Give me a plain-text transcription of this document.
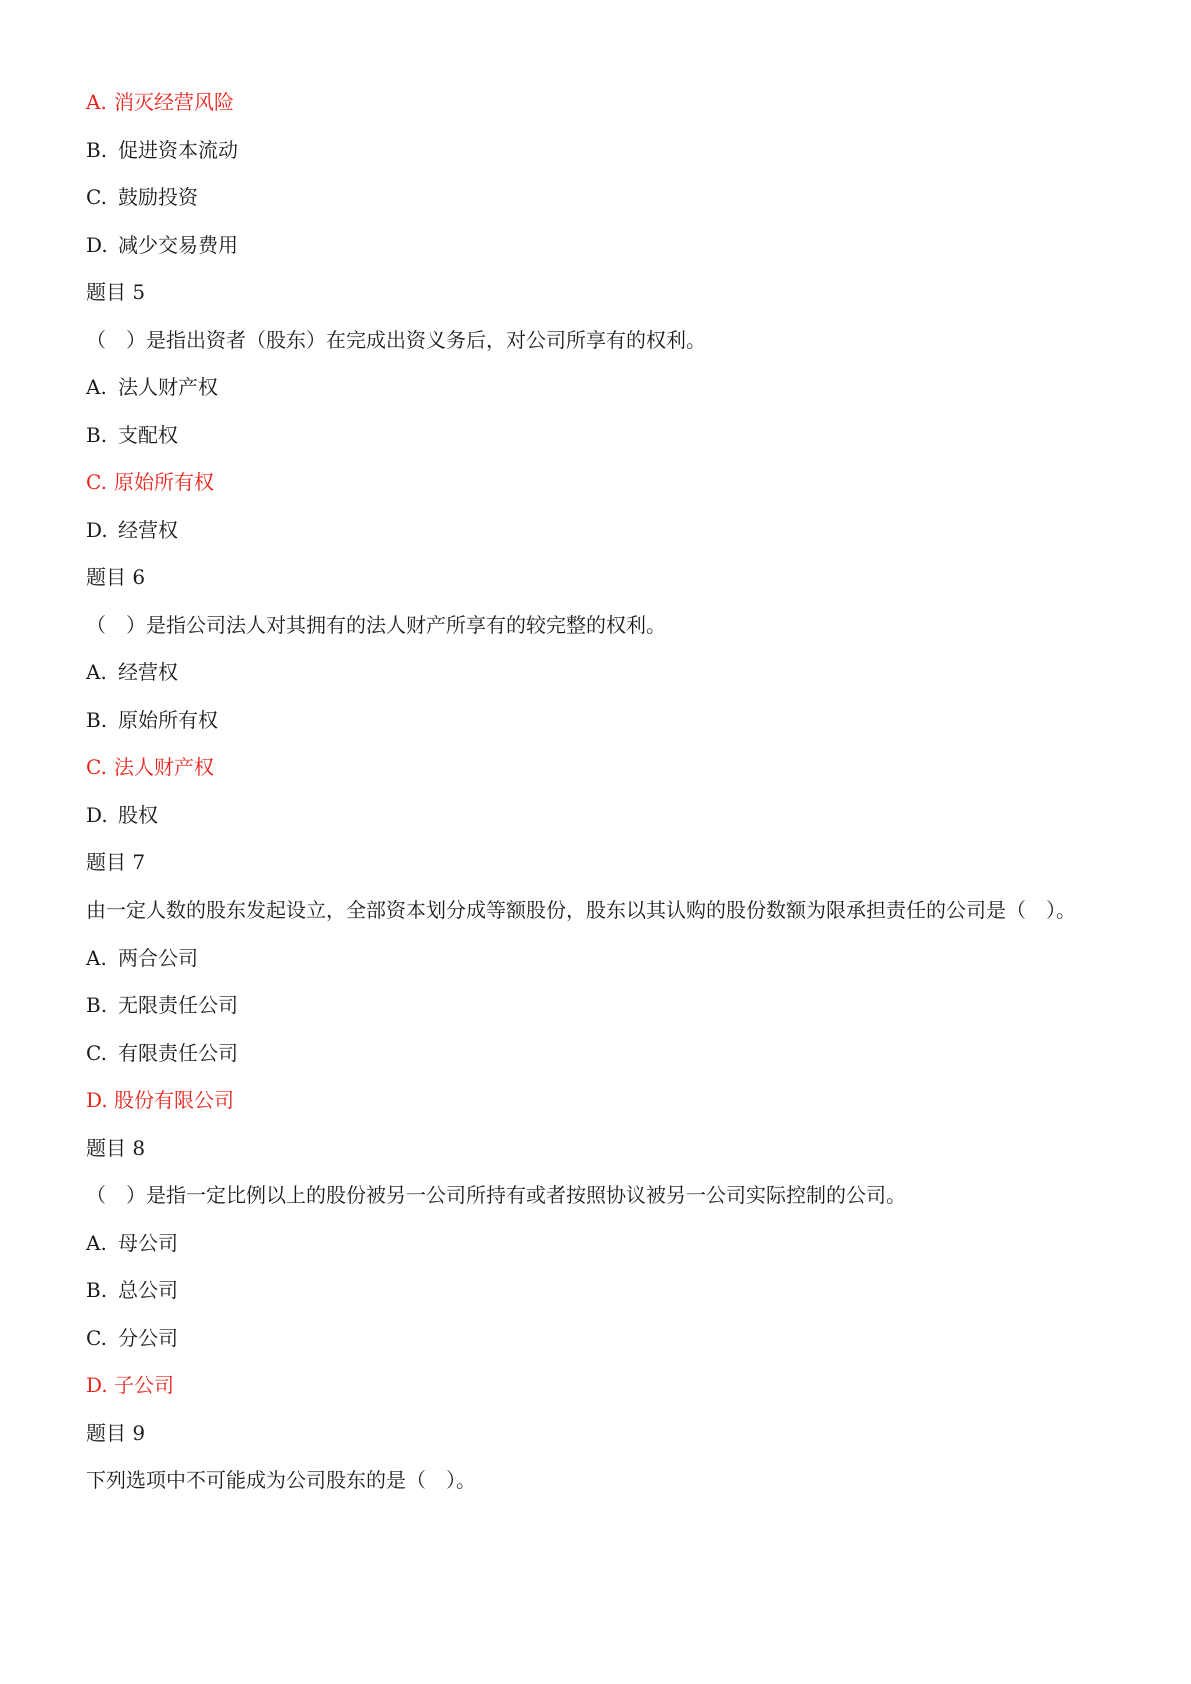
A. 消灭经营风险
B. 促进资本流动
C. 鼓励投资
D. 减少交易费用
题目 5
（　）是指出资者（股东）在完成出资义务后，对公司所享有的权利。
A. 法人财产权
B. 支配权
C. 原始所有权
D. 经营权
题目 6
（　）是指公司法人对其拥有的法人财产所享有的较完整的权利。
A. 经营权
B. 原始所有权
C. 法人财产权
D. 股权
题目 7
由一定人数的股东发起设立，全部资本划分成等额股份，股东以其认购的股份数额为限承担责任的公司是（　）。
A. 两合公司
B. 无限责任公司
C. 有限责任公司
D. 股份有限公司
题目 8
（　）是指一定比例以上的股份被另一公司所持有或者按照协议被另一公司实际控制的公司。
A. 母公司
B. 总公司
C. 分公司
D. 子公司
题目 9
下列选项中不可能成为公司股东的是（　）。
